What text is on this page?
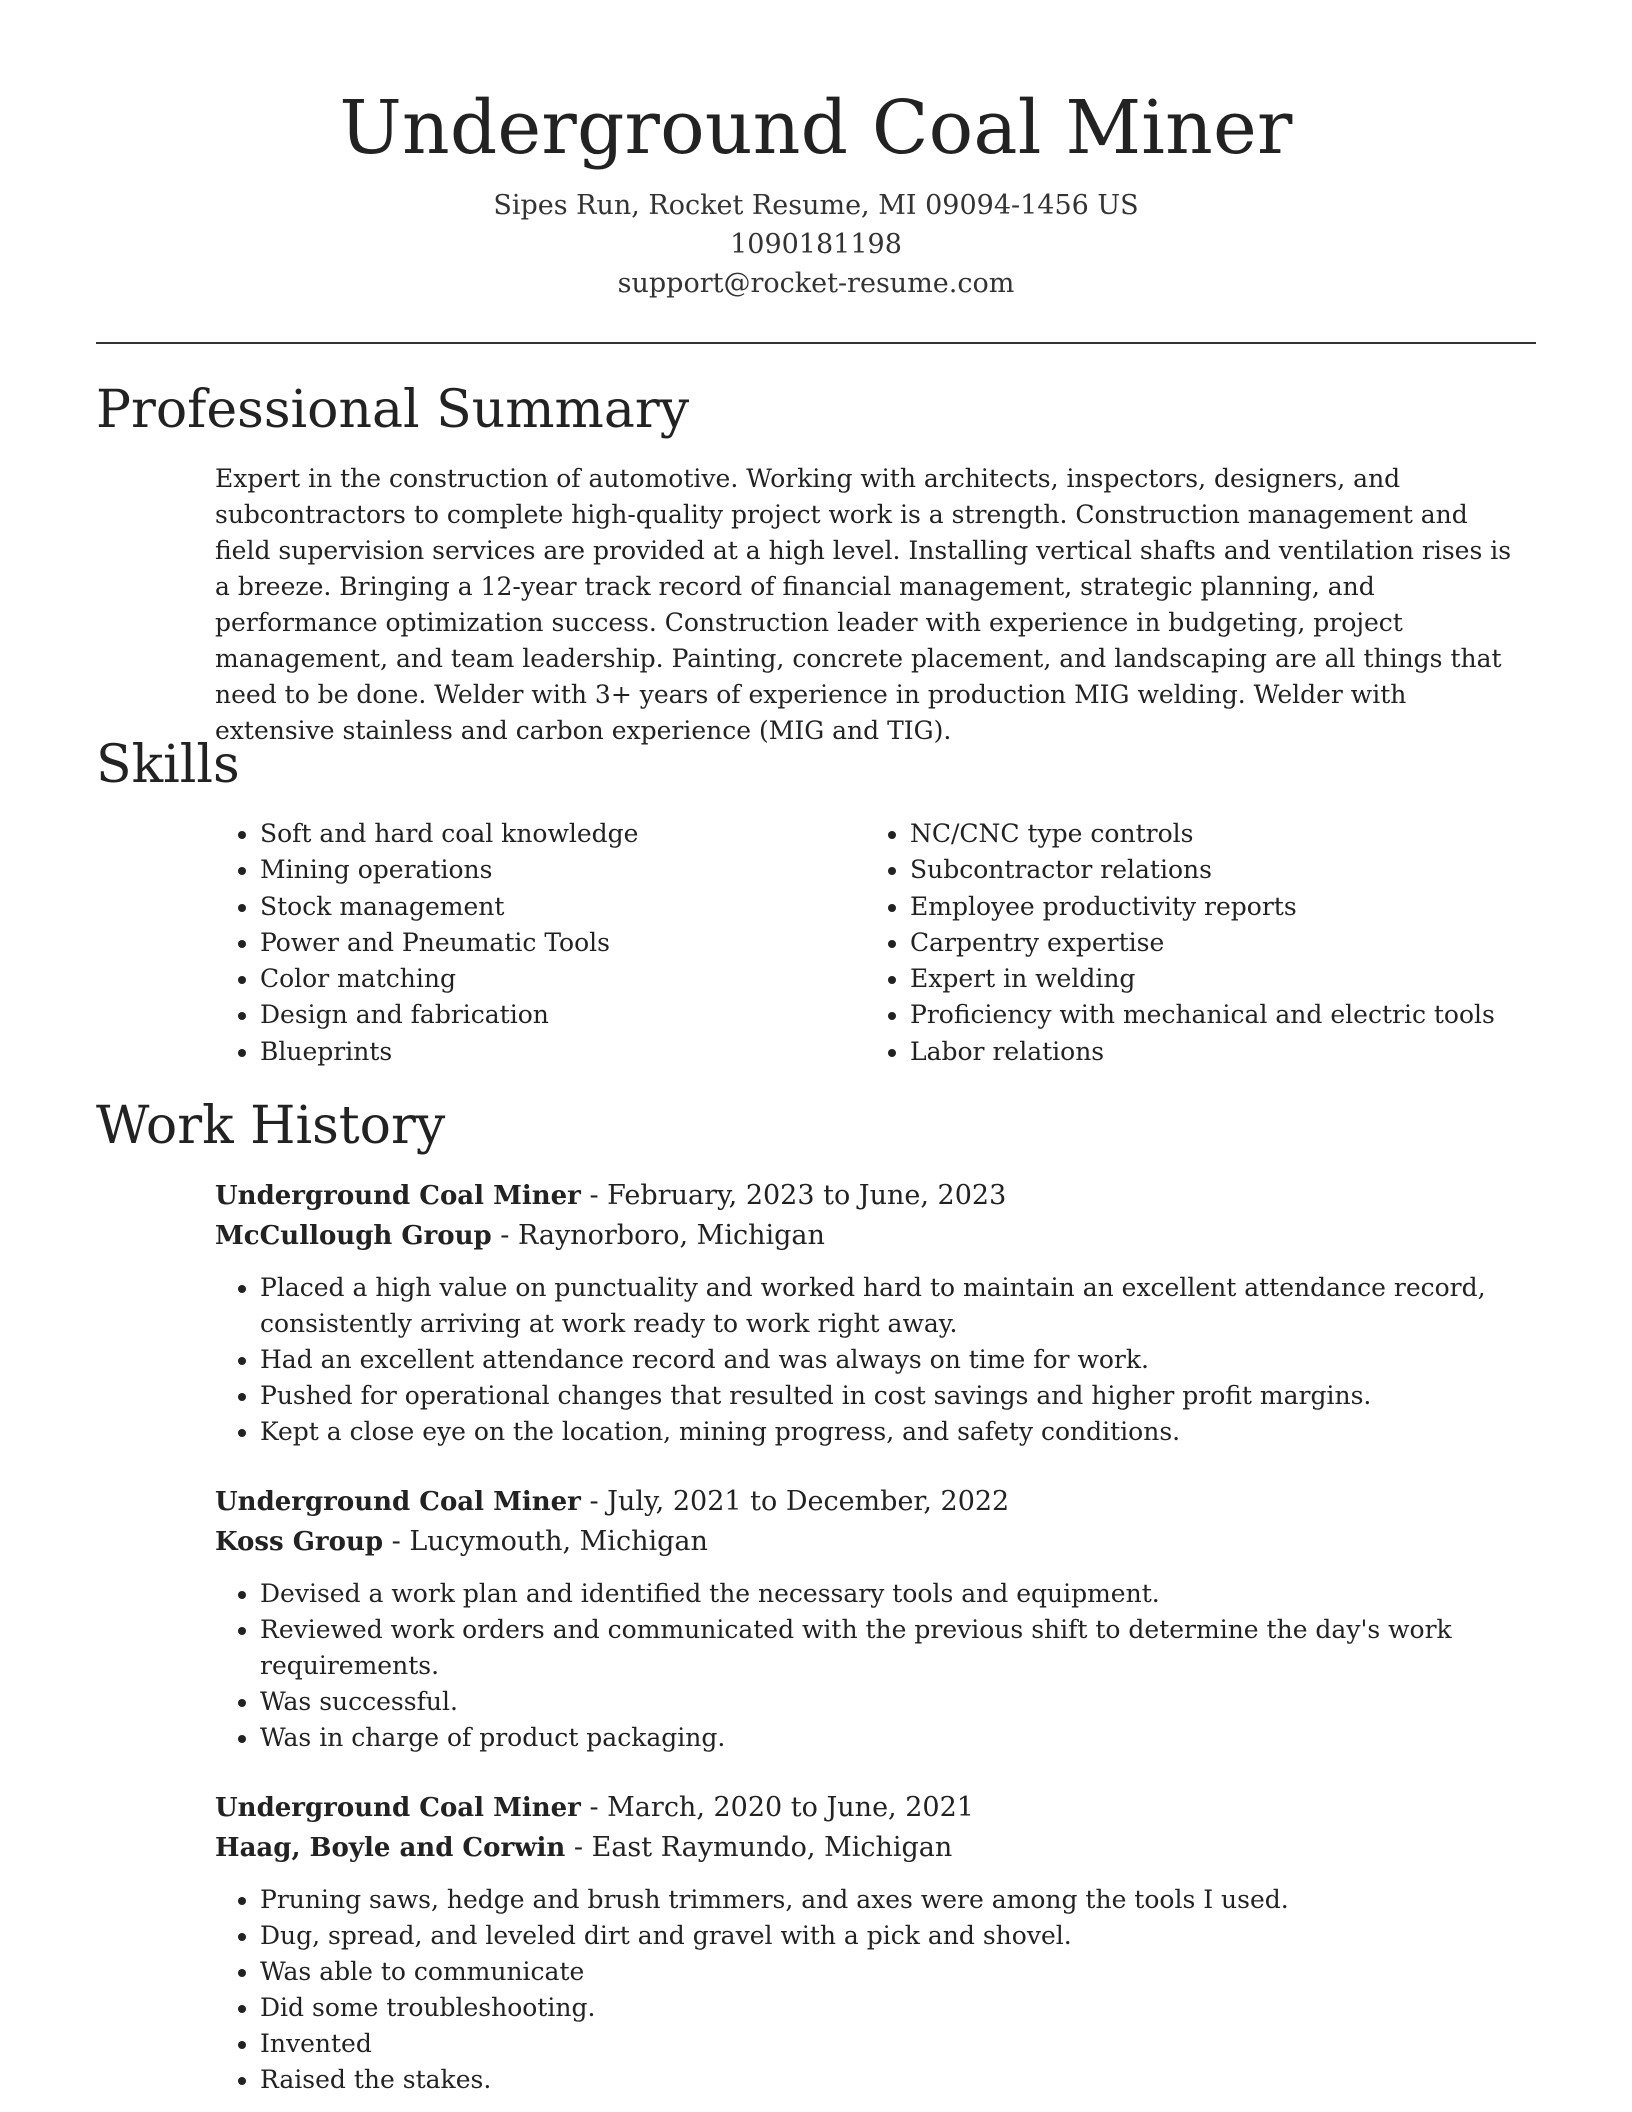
Underground Coal Miner
Sipes Run, Rocket Resume, MI 09094-1456 US
1090181198
support@rocket-resume.com
Professional Summary

Expert in the construction of automotive. Working with architects, inspectors, designers, and subcontractors to complete high-quality project work is a strength. Construction management and field supervision services are provided at a high level. Installing vertical shafts and ventilation rises is a breeze. Bringing a 12-year track record of financial management, strategic planning, and performance optimization success. Construction leader with experience in budgeting, project management, and team leadership. Painting, concrete placement, and landscaping are all things that need to be done. Welder with 3+ years of experience in production MIG welding. Welder with extensive stainless and carbon experience (MIG and TIG).

Skills
• Soft and hard coal knowledge
• Mining operations
• Stock management
• Power and Pneumatic Tools
• Color matching
• Design and fabrication
• Blueprints
• NC/CNC type controls
• Subcontractor relations
• Employee productivity reports
• Carpentry expertise
• Expert in welding
• Proficiency with mechanical and electric tools
• Labor relations
Work History
Underground Coal Miner - February, 2023 to June, 2023
McCullough Group - Raynorboro, Michigan
• Placed a high value on punctuality and worked hard to maintain an excellent attendance record, consistently arriving at work ready to work right away.
• Had an excellent attendance record and was always on time for work.
• Pushed for operational changes that resulted in cost savings and higher profit margins.
• Kept a close eye on the location, mining progress, and safety conditions.
Underground Coal Miner - July, 2021 to December, 2022
Koss Group - Lucymouth, Michigan
• Devised a work plan and identified the necessary tools and equipment.
• Reviewed work orders and communicated with the previous shift to determine the day's work requirements.
• Was successful.
• Was in charge of product packaging.
Underground Coal Miner - March, 2020 to June, 2021
Haag, Boyle and Corwin - East Raymundo, Michigan
• Pruning saws, hedge and brush trimmers, and axes were among the tools I used.
• Dug, spread, and leveled dirt and gravel with a pick and shovel.
• Was able to communicate
• Did some troubleshooting.
• Invented
• Raised the stakes.
